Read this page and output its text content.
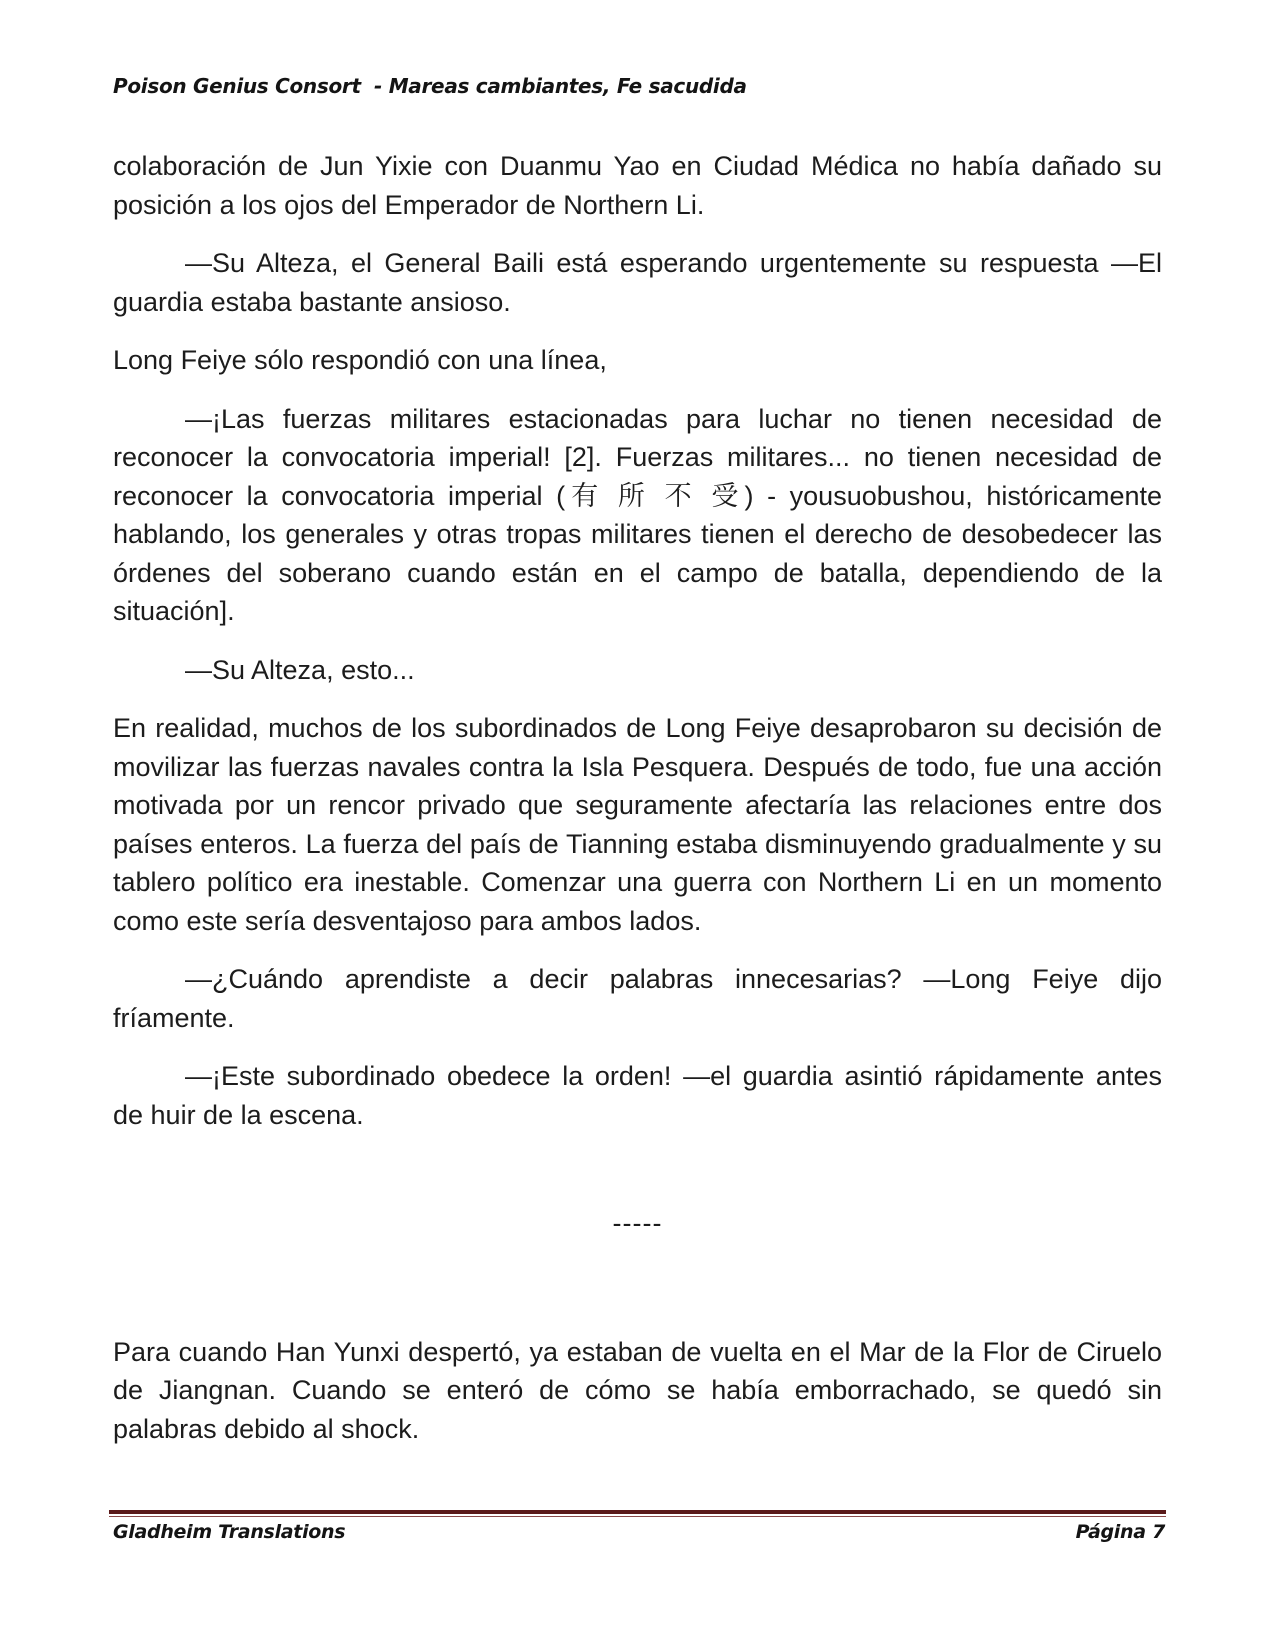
Poison Genius Consort  - Mareas cambiantes, Fe sacudida

colaboración de Jun Yixie con Duanmu Yao en Ciudad Médica no había dañado su posición a los ojos del Emperador de Northern Li.

—Su Alteza, el General Baili está esperando urgentemente su respuesta —El guardia estaba bastante ansioso.

Long Feiye sólo respondió con una línea,

—¡Las fuerzas militares estacionadas para luchar no tienen necesidad de reconocer la convocatoria imperial! [2]. Fuerzas militares... no tienen necesidad de reconocer la convocatoria imperial (有 所 不 受) - yousuobushou, históricamente hablando, los generales y otras tropas militares tienen el derecho de desobedecer las órdenes del soberano cuando están en el campo de batalla, dependiendo de la situación].

—Su Alteza, esto...

En realidad, muchos de los subordinados de Long Feiye desaprobaron su decisión de movilizar las fuerzas navales contra la Isla Pesquera. Después de todo, fue una acción motivada por un rencor privado que seguramente afectaría las relaciones entre dos países enteros. La fuerza del país de Tianning estaba disminuyendo gradualmente y su tablero político era inestable. Comenzar una guerra con Northern Li en un momento como este sería desventajoso para ambos lados.

—¿Cuándo aprendiste a decir palabras innecesarias? —Long Feiye dijo fríamente.

—¡Este subordinado obedece la orden! —el guardia asintió rápidamente antes de huir de la escena.

-----

Para cuando Han Yunxi despertó, ya estaban de vuelta en el Mar de la Flor de Ciruelo de Jiangnan. Cuando se enteró de cómo se había emborrachado, se quedó sin palabras debido al shock.

Gladheim Translations	Página 7
